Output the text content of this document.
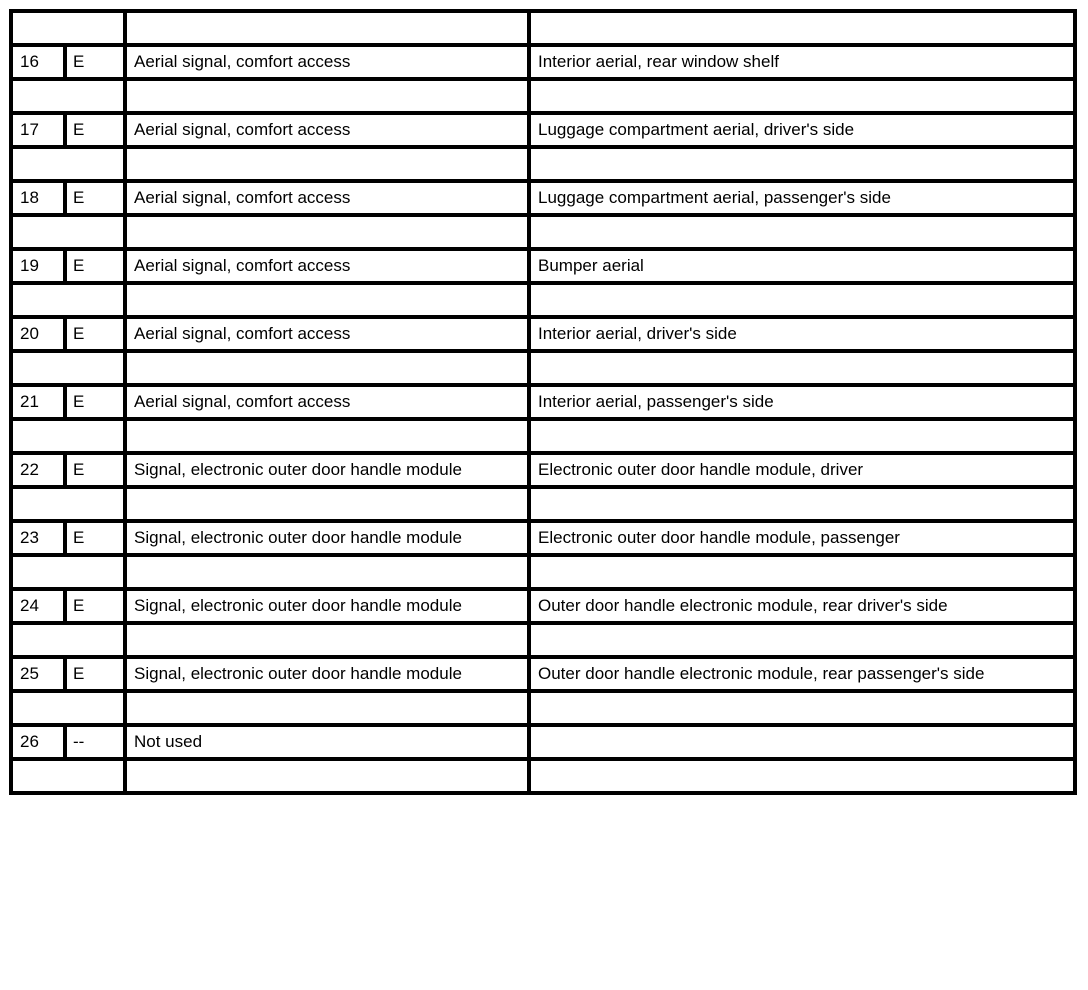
16	E	Aerial signal, comfort access	Interior aerial, rear window shelf

17	E	Aerial signal, comfort access	Luggage compartment aerial, driver's side

18	E	Aerial signal, comfort access	Luggage compartment aerial, passenger's side

19	E	Aerial signal, comfort access	Bumper aerial

20	E	Aerial signal, comfort access	Interior aerial, driver's side

21	E	Aerial signal, comfort access	Interior aerial, passenger's side

22	E	Signal, electronic outer door handle module	Electronic outer door handle module, driver

23	E	Signal, electronic outer door handle module	Electronic outer door handle module, passenger

24	E	Signal, electronic outer door handle module	Outer door handle electronic module, rear driver's side

25	E	Signal, electronic outer door handle module	Outer door handle electronic module, rear passenger's side

26	--	Not used	
